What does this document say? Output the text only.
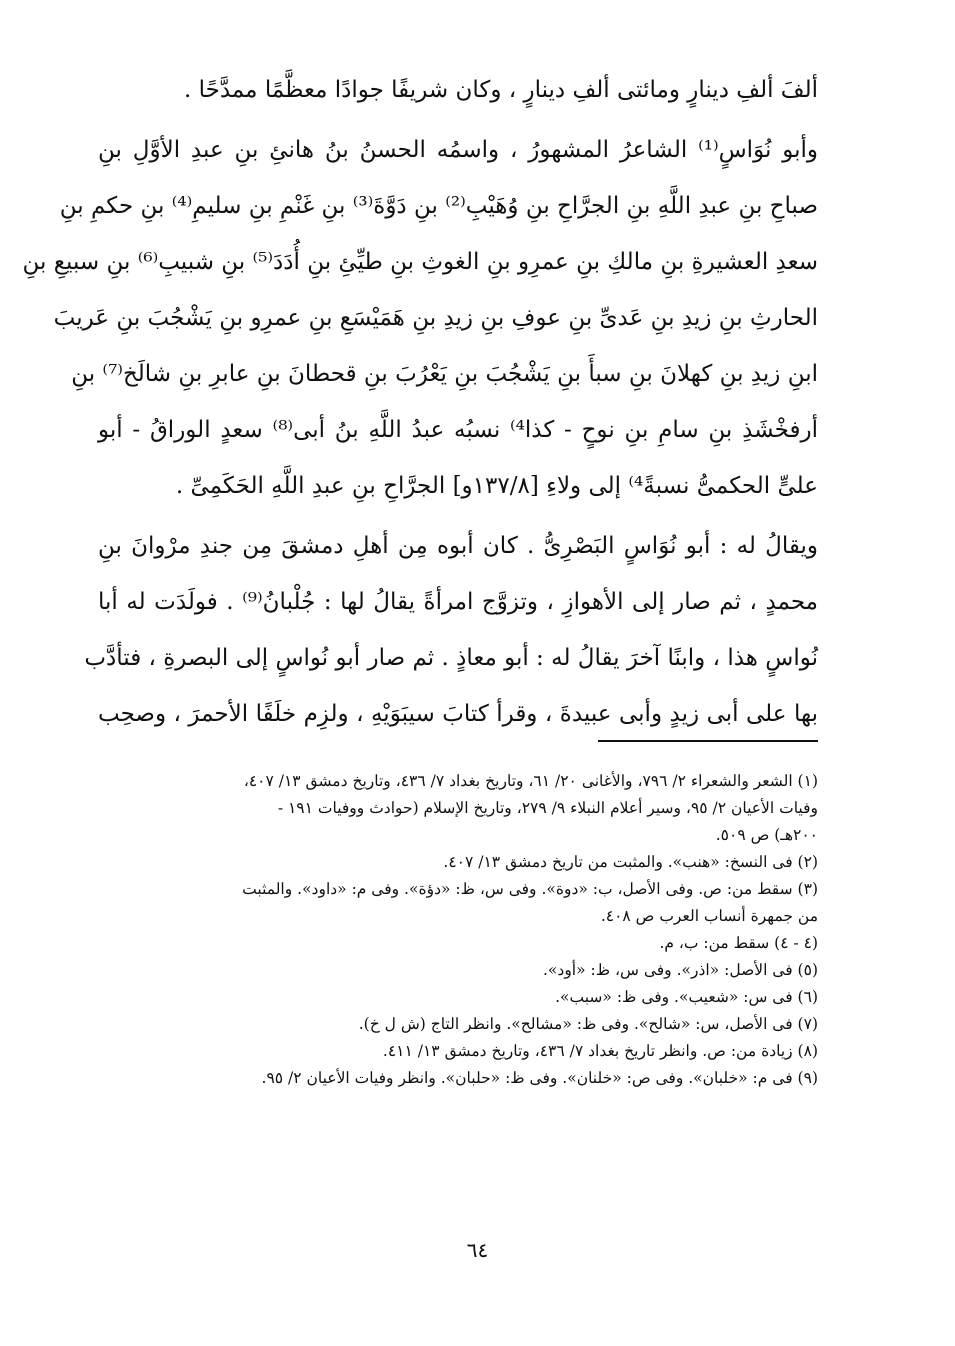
ألفَ ألفِ دينارٍ ومائتى ألفِ دينارٍ ، وكان شريفًا جوادًا معظَّمًا ممدَّحًا .
وأبو نُوَاسٍ⁽¹⁾ الشاعرُ المشهورُ ، واسمُه الحسنُ بنُ هانئِ بنِ عبدِ الأوَّلِ بنِ
صباحِ بنِ عبدِ اللَّهِ بنِ الجرَّاحِ بنِ وُهَيْبِ⁽²⁾ بنِ دَوَّةَ⁽³⁾ بنِ غَنْمِ بنِ سليمِ⁽⁴⁾ بنِ حكمِ بنِ
سعدِ العشيرةِ بنِ مالكِ بنِ عمرِو بنِ الغوثِ بنِ طيِّئِ بنِ أُدَدَ⁽⁵⁾ بنِ شبيبِ⁽⁶⁾ بنِ سبيعِ بنِ
الحارثِ بنِ زيدِ بنِ عَدىِّ بنِ عوفِ بنِ زيدِ بنِ هَمَيْسَعِ بنِ عمرِو بنِ يَشْجُبَ بنِ عَريبَ
ابنِ زيدِ بنِ كهلانَ بنِ سبأَ بنِ يَشْجُبَ بنِ يَعْرُبَ بنِ قحطانَ بنِ عابرِ بنِ شالَخ⁽⁷⁾ بنِ
أرفخْشَذِ بنِ سامِ بنِ نوحٍ - كذا⁴⁾ نسبُه عبدُ اللَّهِ بنُ أبى⁽⁸⁾ سعدٍ الوراقُ - أبو
علىٍّ الحكمىُّ نسبةً⁴⁾ إلى ولاءِ [١٣٧/٨و] الجرَّاحِ بنِ عبدِ اللَّهِ الحَكَمِىِّ .
ويقالُ له : أبو نُوَاسٍ البَصْرِىُّ . كان أبوه مِن أهلِ دمشقَ مِن جندِ مرْوانَ بنِ
محمدٍ ، ثم صار إلى الأهوازِ ، وتزوَّج امرأةً يقالُ لها : جُلْبانُ⁽⁹⁾ . فولَدَت له أبا
نُواسٍ هذا ، وابنًا آخرَ يقالُ له : أبو معاذٍ . ثم صار أبو نُواسٍ إلى البصرةِ ، فتأدَّب
بها على أبى زيدٍ وأبى عبيدةَ ، وقرأ كتابَ سيبَوَيْهِ ، ولزِم خلَفًا الأحمرَ ، وصحِب
(١) الشعر والشعراء ٢/ ٧٩٦، والأغانى ٢٠/ ٦١، وتاريخ بغداد ٧/ ٤٣٦، وتاريخ دمشق ١٣/ ٤٠٧،
وفيات الأعيان ٢/ ٩٥، وسير أعلام النبلاء ٩/ ٢٧٩، وتاريخ الإسلام (حوادث ووفيات ١٩١ -
٢٠٠هـ) ص ٥٠٩.
(٢) فى النسخ: «هنب». والمثبت من تاريخ دمشق ١٣/ ٤٠٧.
(٣) سقط من: ص. وفى الأصل، ب: «دوة». وفى س، ظ: «دؤة». وفى م: «داود». والمثبت
من جمهرة أنساب العرب ص ٤٠٨.
(٤ - ٤) سقط من: ب، م.
(٥) فى الأصل: «اذر». وفى س، ظ: «أود».
(٦) فى س: «شعيب». وفى ظ: «سبب».
(٧) فى الأصل، س: «شالح». وفى ظ: «مشالح». وانظر التاج (ش ل خ).
(٨) زيادة من: ص. وانظر تاريخ بغداد ٧/ ٤٣٦، وتاريخ دمشق ١٣/ ٤١١.
(٩) فى م: «خلبان». وفى ص: «خلنان». وفى ظ: «حلبان». وانظر وفيات الأعيان ٢/ ٩٥.
٦٤
